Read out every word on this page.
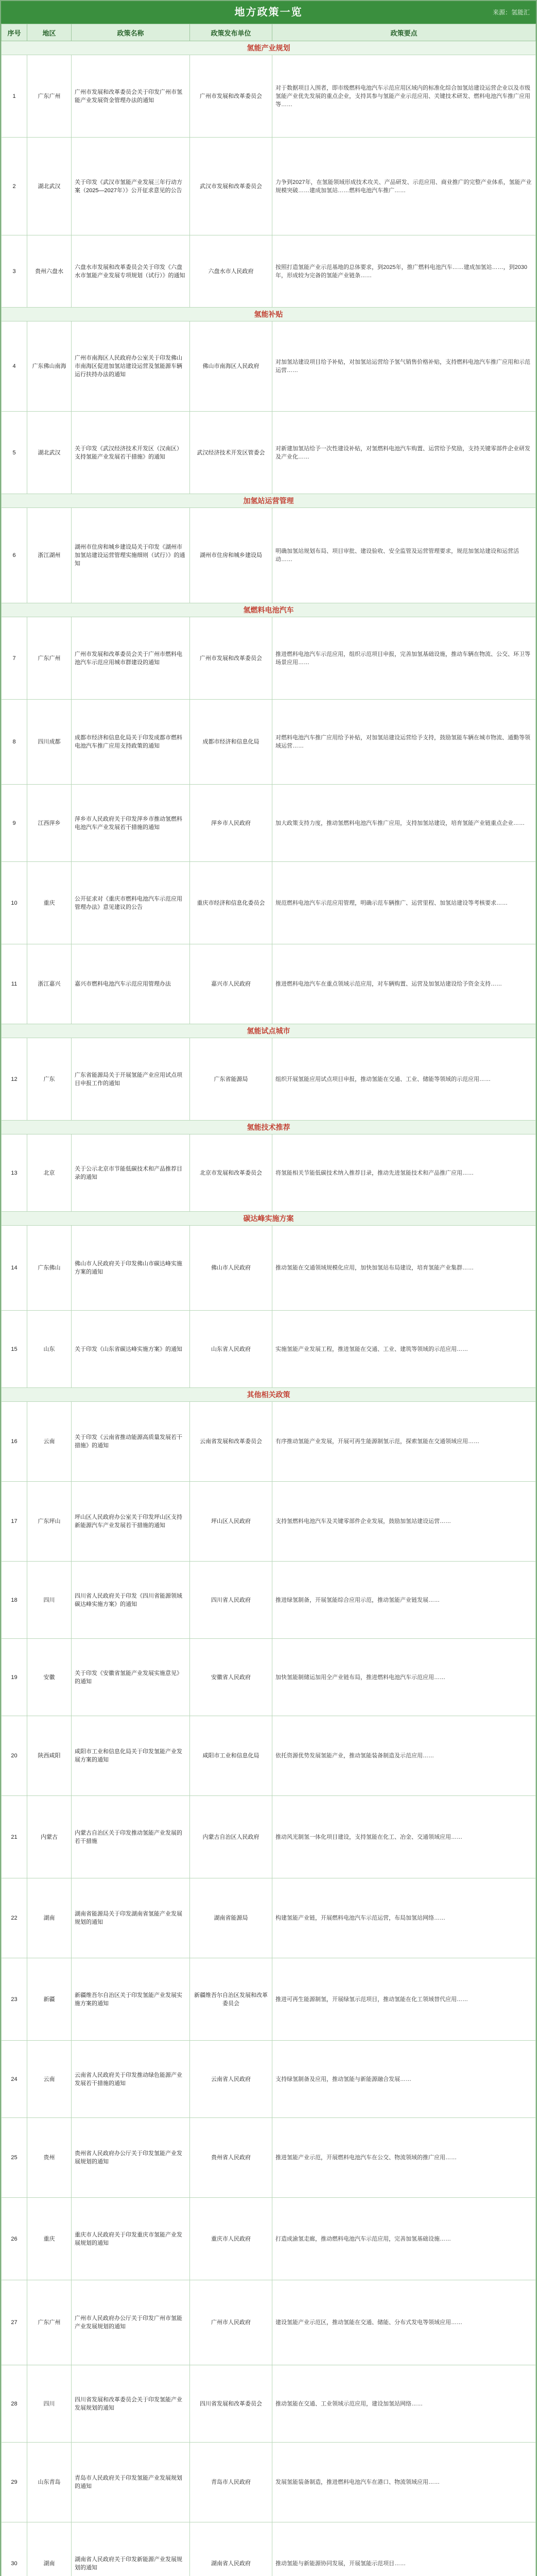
地方政策一览	来源：氢能汇
序号	地区	政策名称	政策发布单位	政策要点
氢能产业规划				
1	广东广州	广州市发展和改革委员会关于印发广州市氢能产业发展资金管理办法的通知	广州市发展和改革委员会	对于数据项目入围者，即市级燃料电池汽车示范应用区域内的标准化综合加氢站建设运营企业以及市级氢能产业优先发展的重点企业，支持其参与氢能产业示范应用、关键技术研发、燃料电池汽车推广应用等……
2	湖北武汉	关于印发《武汉市氢能产业发展三年行动方案（2025—2027年）》公开征求意见的公告	武汉市发展和改革委员会	力争到2027年，在氢能领域形成技术攻关、产品研发、示范应用、商业推广的完整产业体系，氢能产业规模突破……建成加氢站……燃料电池汽车推广……
3	贵州六盘水	六盘水市发展和改革委员会关于印发《六盘水市氢能产业发展专项规划（试行）》的通知	六盘水市人民政府	按照打造氢能产业示范基地的总体要求，到2025年，推广燃料电池汽车……建成加氢站……，到2030年，形成较为完备的氢能产业链条……
氢能补贴				
4	广东佛山南海	广州市南海区人民政府办公室关于印发佛山市南海区促进加氢站建设运营及氢能源车辆运行扶持办法的通知	佛山市南海区人民政府	对加氢站建设项目给予补贴，对加氢站运营给予氢气销售价格补贴，支持燃料电池汽车推广应用和示范运营……
5	湖北武汉	关于印发《武汉经济技术开发区（汉南区）支持氢能产业发展若干措施》的通知	武汉经济技术开发区管委会	对新建加氢站给予一次性建设补贴，对氢燃料电池汽车购置、运营给予奖励，支持关键零部件企业研发及产业化……
加氢站运营管理				
6	浙江湖州	湖州市住房和城乡建设局关于印发《湖州市加氢站建设运营管理实施细则（试行）》的通知	湖州市住房和城乡建设局	明确加氢站规划布局、项目审批、建设验收、安全监管及运营管理要求，规范加氢站建设和运营活动……
氢燃料电池汽车				
7	广东广州	广州市发展和改革委员会关于广州市燃料电池汽车示范应用城市群建设的通知	广州市发展和改革委员会	推进燃料电池汽车示范应用，组织示范项目申报，完善加氢基础设施，推动车辆在物流、公交、环卫等场景应用……
8	四川成都	成都市经济和信息化局关于印发成都市燃料电池汽车推广应用支持政策的通知	成都市经济和信息化局	对燃料电池汽车推广应用给予补贴，对加氢站建设运营给予支持，鼓励氢能车辆在城市物流、通勤等领域运营……
9	江西萍乡	萍乡市人民政府关于印发萍乡市推动氢燃料电池汽车产业发展若干措施的通知	萍乡市人民政府	加大政策支持力度，推动氢燃料电池汽车推广应用，支持加氢站建设，培育氢能产业链重点企业……
10	重庆	公开征求对《重庆市燃料电池汽车示范应用管理办法》意见建议的公告	重庆市经济和信息化委员会	规范燃料电池汽车示范应用管理，明确示范车辆推广、运营里程、加氢站建设等考核要求……
11	浙江嘉兴	嘉兴市燃料电池汽车示范应用管理办法	嘉兴市人民政府	推进燃料电池汽车在重点领域示范应用，对车辆购置、运营及加氢站建设给予资金支持……
氢能试点城市				
12	广东	广东省能源局关于开展氢能产业应用试点项目申报工作的通知	广东省能源局	组织开展氢能应用试点项目申报，推动氢能在交通、工业、储能等领域的示范应用……
氢能技术推荐				
13	北京	关于公示北京市节能低碳技术和产品推荐目录的通知	北京市发展和改革委员会	将氢能相关节能低碳技术纳入推荐目录，推动先进氢能技术和产品推广应用……
碳达峰实施方案				
14	广东佛山	佛山市人民政府关于印发佛山市碳达峰实施方案的通知	佛山市人民政府	推动氢能在交通领域规模化应用，加快加氢站布局建设，培育氢能产业集群……
15	山东	关于印发《山东省碳达峰实施方案》的通知	山东省人民政府	实施氢能产业发展工程，推进氢能在交通、工业、建筑等领域的示范应用……
其他相关政策				
16	云南	关于印发《云南省推动能源高质量发展若干措施》的通知	云南省发展和改革委员会	有序推动氢能产业发展，开展可再生能源制氢示范，探索氢能在交通领域应用……
17	广东坪山	坪山区人民政府办公室关于印发坪山区支持新能源汽车产业发展若干措施的通知	坪山区人民政府	支持氢燃料电池汽车及关键零部件企业发展，鼓励加氢站建设运营……
18	四川	四川省人民政府关于印发《四川省能源领域碳达峰实施方案》的通知	四川省人民政府	推进绿氢制备，开展氢能综合应用示范，推动氢能产业链发展……
19	安徽	关于印发《安徽省氢能产业发展实施意见》的通知	安徽省人民政府	加快氢能制储运加用全产业链布局，推进燃料电池汽车示范应用……
20	陕西咸阳	咸阳市工业和信息化局关于印发氢能产业发展方案的通知	咸阳市工业和信息化局	依托资源优势发展氢能产业，推动氢能装备制造及示范应用……
21	内蒙古	内蒙古自治区关于印发推动氢能产业发展的若干措施	内蒙古自治区人民政府	推动风光制氢一体化项目建设，支持氢能在化工、冶金、交通领域应用……
22	湖南	湖南省能源局关于印发湖南省氢能产业发展规划的通知	湖南省能源局	构建氢能产业链，开展燃料电池汽车示范运营，布局加氢站网络……
23	新疆	新疆维吾尔自治区关于印发氢能产业发展实施方案的通知	新疆维吾尔自治区发展和改革委员会	推进可再生能源制氢，开展绿氢示范项目，推动氢能在化工领域替代应用……
24	云南	云南省人民政府关于印发推动绿色能源产业发展若干措施的通知	云南省人民政府	支持绿氢制备及应用，推动氢能与新能源融合发展……
25	贵州	贵州省人民政府办公厅关于印发氢能产业发展规划的通知	贵州省人民政府	推进氢能产业示范，开展燃料电池汽车在公交、物流领域的推广应用……
26	重庆	重庆市人民政府关于印发重庆市氢能产业发展规划的通知	重庆市人民政府	打造成渝氢走廊，推动燃料电池汽车示范应用，完善加氢基础设施……
27	广东广州	广州市人民政府办公厅关于印发广州市氢能产业发展规划的通知	广州市人民政府	建设氢能产业示范区，推动氢能在交通、储能、分布式发电等领域应用……
28	四川	四川省发展和改革委员会关于印发氢能产业发展规划的通知	四川省发展和改革委员会	推动氢能在交通、工业领域示范应用，建设加氢站网络……
29	山东青岛	青岛市人民政府关于印发氢能产业发展规划的通知	青岛市人民政府	发展氢能装备制造，推进燃料电池汽车在港口、物流领域应用……
30	湖南	湖南省人民政府关于印发新能源产业发展规划的通知	湖南省人民政府	推动氢能与新能源协同发展，开展氢能示范项目……
